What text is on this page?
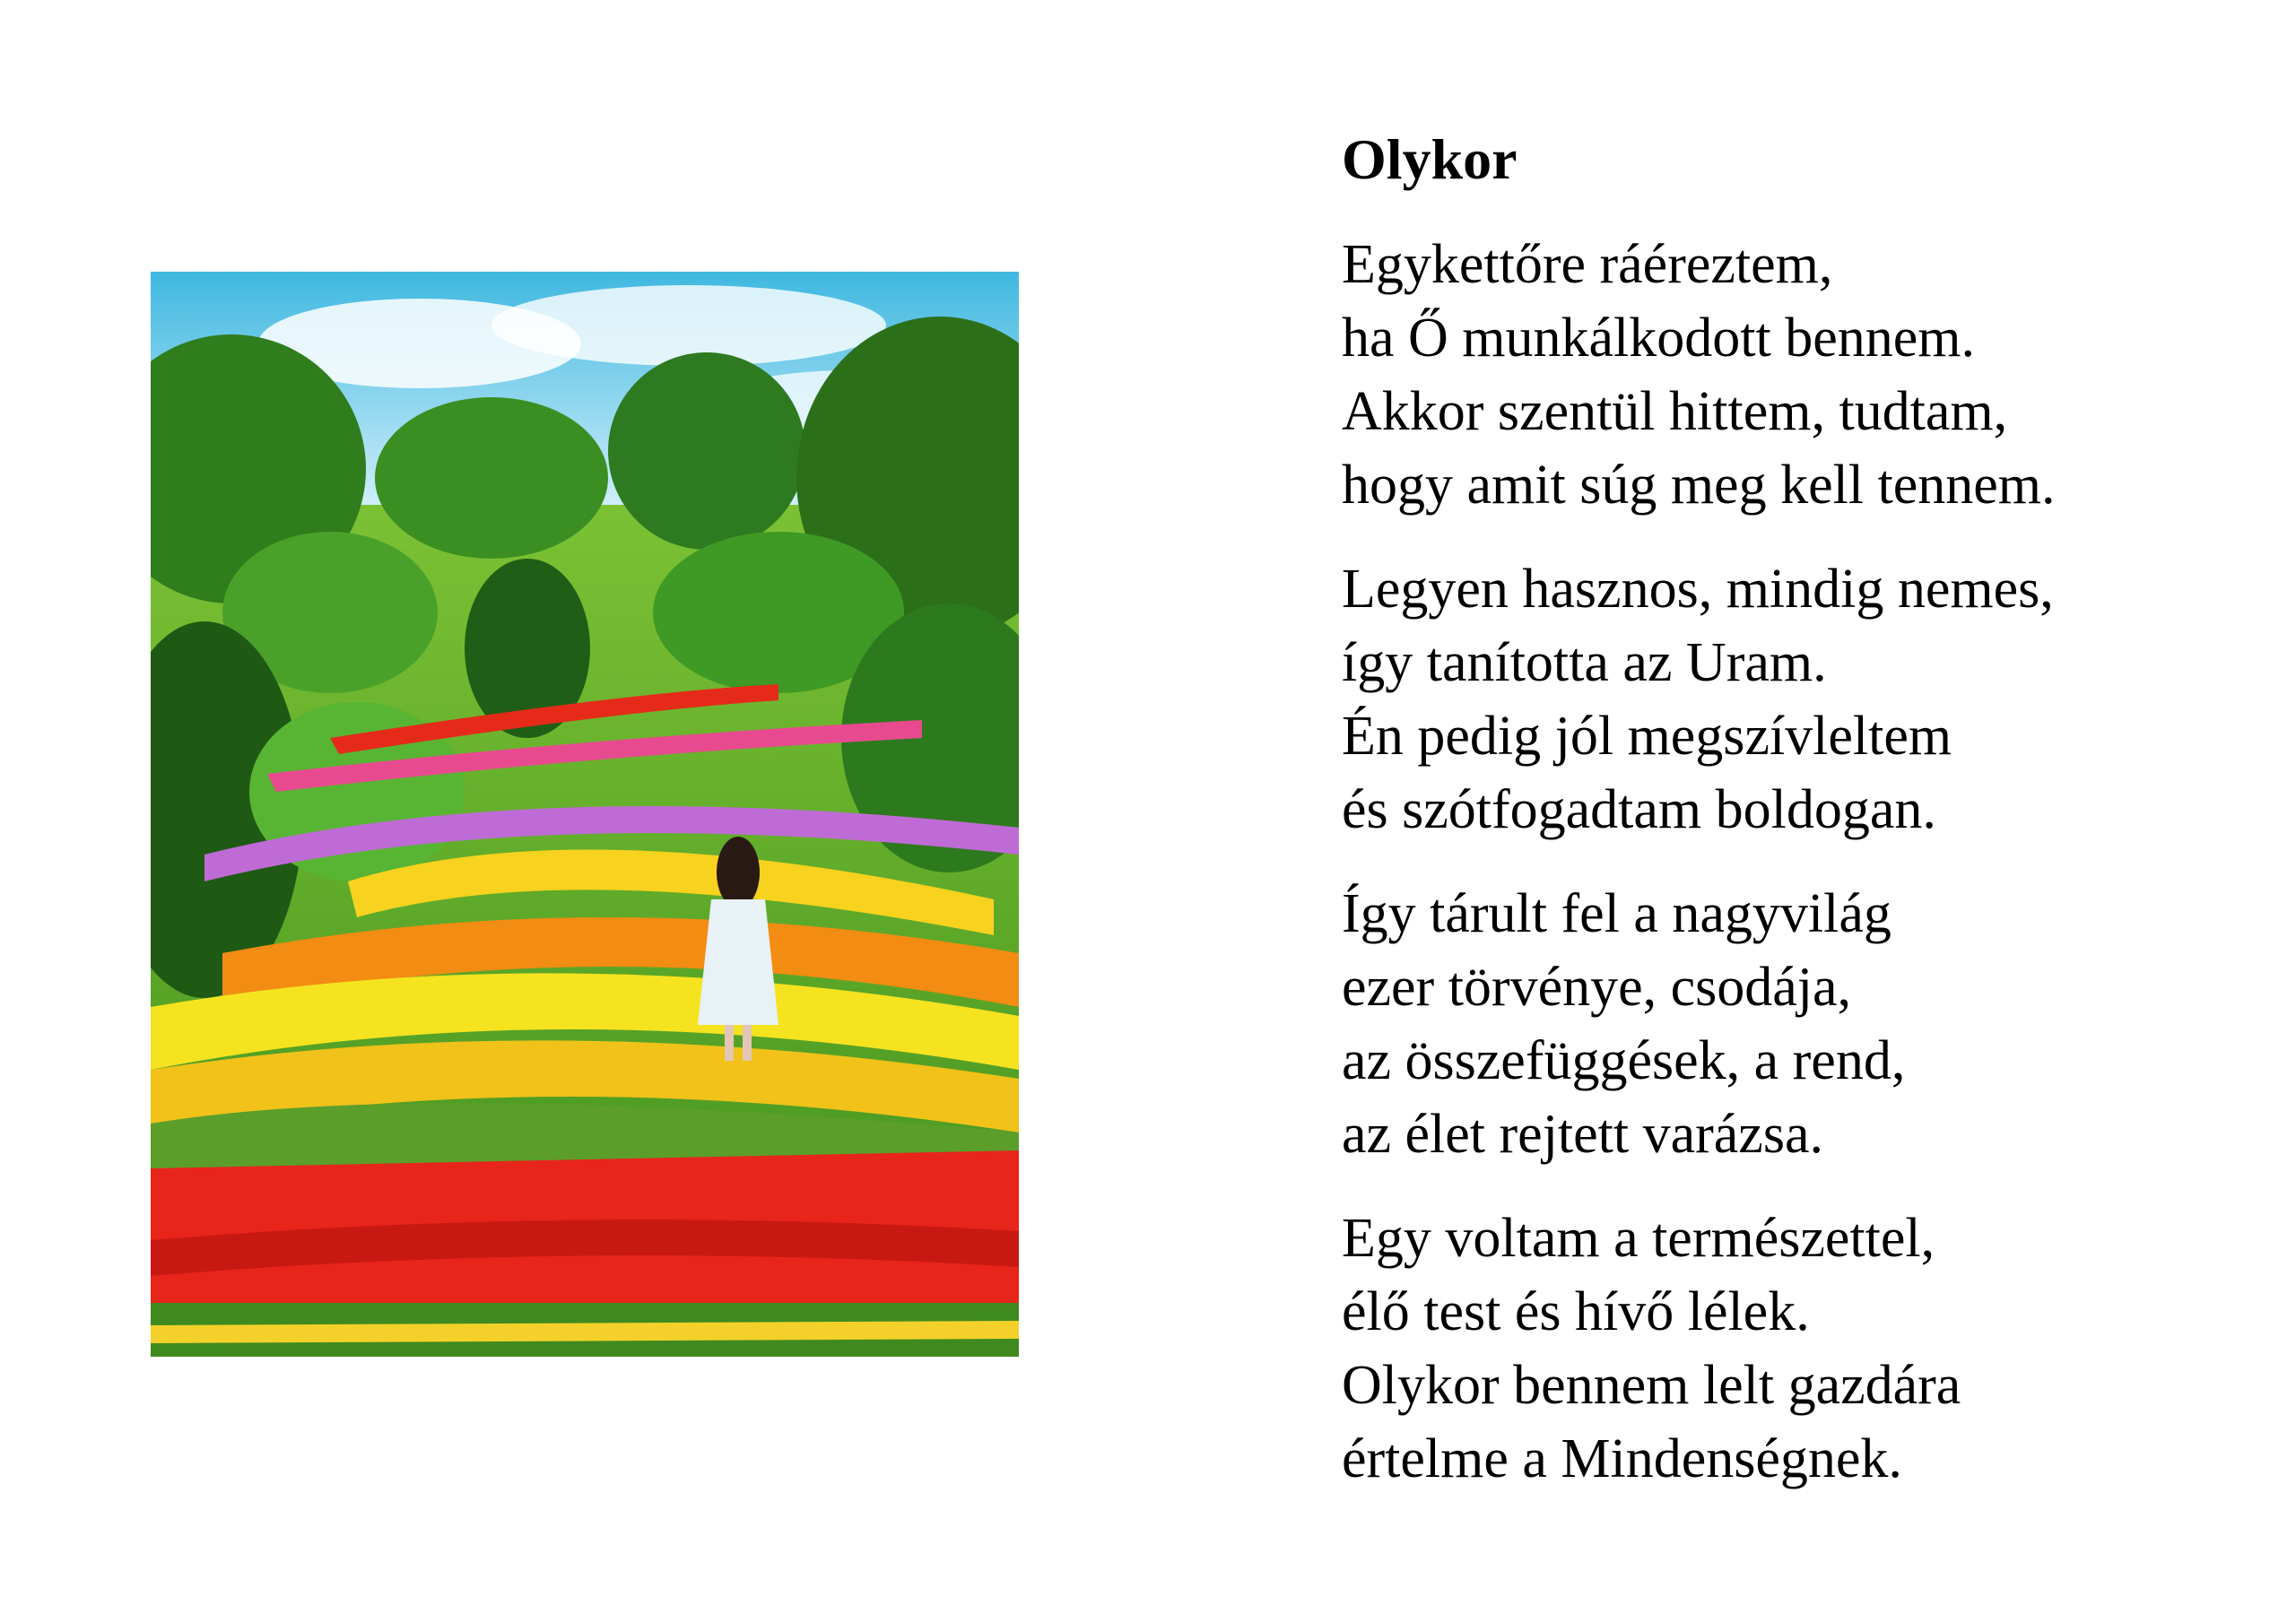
Olykor
Egykettőre ráéreztem,
ha Ő munkálkodott bennem.
Akkor szentül hittem, tudtam,
hogy amit súg meg kell tennem.
Legyen hasznos, mindig nemes,
így tanította az Uram.
Én pedig jól megszívleltem
és szótfogadtam boldogan.
Így tárult fel a nagyvilág
ezer törvénye, csodája,
az összefüggések, a rend,
az élet rejtett varázsa.
Egy voltam a természettel,
élő test és hívő lélek.
Olykor bennem lelt gazdára
értelme a Mindenségnek.
